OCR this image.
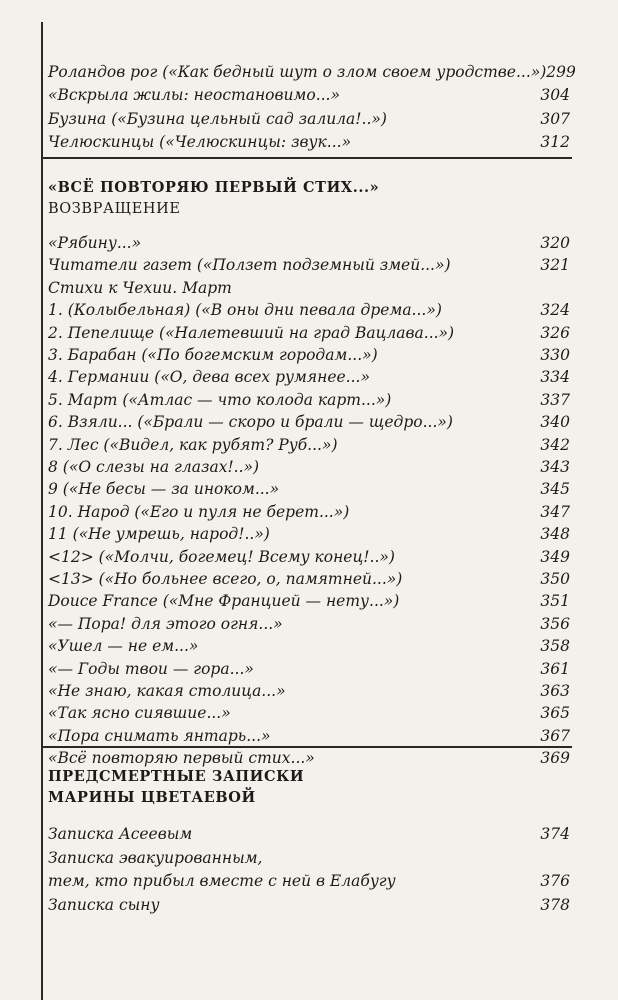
Роландов рог («Как бедный шут о злом своем уродстве...») 299
«Вскрыла жилы: неостановимо...»	304
Бузина («Бузина цельный сад залила!..»)	307
Челюскинцы («Челюскинцы: звук...»	312
«ВСЁ ПОВТОРЯЮ ПЕРВЫЙ СТИХ...»
ВОЗВРАЩЕНИЕ
«Рябину...»	320
Читатели газет («Ползет подземный змей...»)	321
Стихи к Чехии. Март
1. (Колыбельная) («В оны дни певала дрема...»)	324
2. Пепелище («Налетевший на град Вацлава...»)	326
3. Барабан («По богемским городам...»)	330
4. Германии («О, дева всех румянее...»	334
5. Март («Атлас — что колода карт...»)	337
6. Взяли... («Брали — скоро и брали — щедро...»)	340
7. Лес («Видел, как рубят? Руб...»)	342
8 («О слезы на глазах!..»)	343
9 («Не бесы — за иноком...»	345
10. Народ («Его и пуля не берет...»)	347
11 («Не умрешь, народ!..»)	348
<12> («Молчи, богемец! Всему конец!..»)	349
<13> («Но больнее всего, о, памятней...»)	350
Douce France («Мне Францией — нету...»)	351
«— Пора! для этого огня...»	356
«Ушел — не ем...»	358
«— Годы твои — гора...»	361
«Не знаю, какая столица...»	363
«Так ясно сиявшие...»	365
«Пора снимать янтарь...»	367
«Всё повторяю первый стих...»	369
ПРЕДСМЕРТНЫЕ ЗАПИСКИ
МАРИНЫ ЦВЕТАЕВОЙ
Записка Асеевым	374
Записка эвакуированным,
тем, кто прибыл вместе с ней в Елабугу	376
Записка сыну	378
